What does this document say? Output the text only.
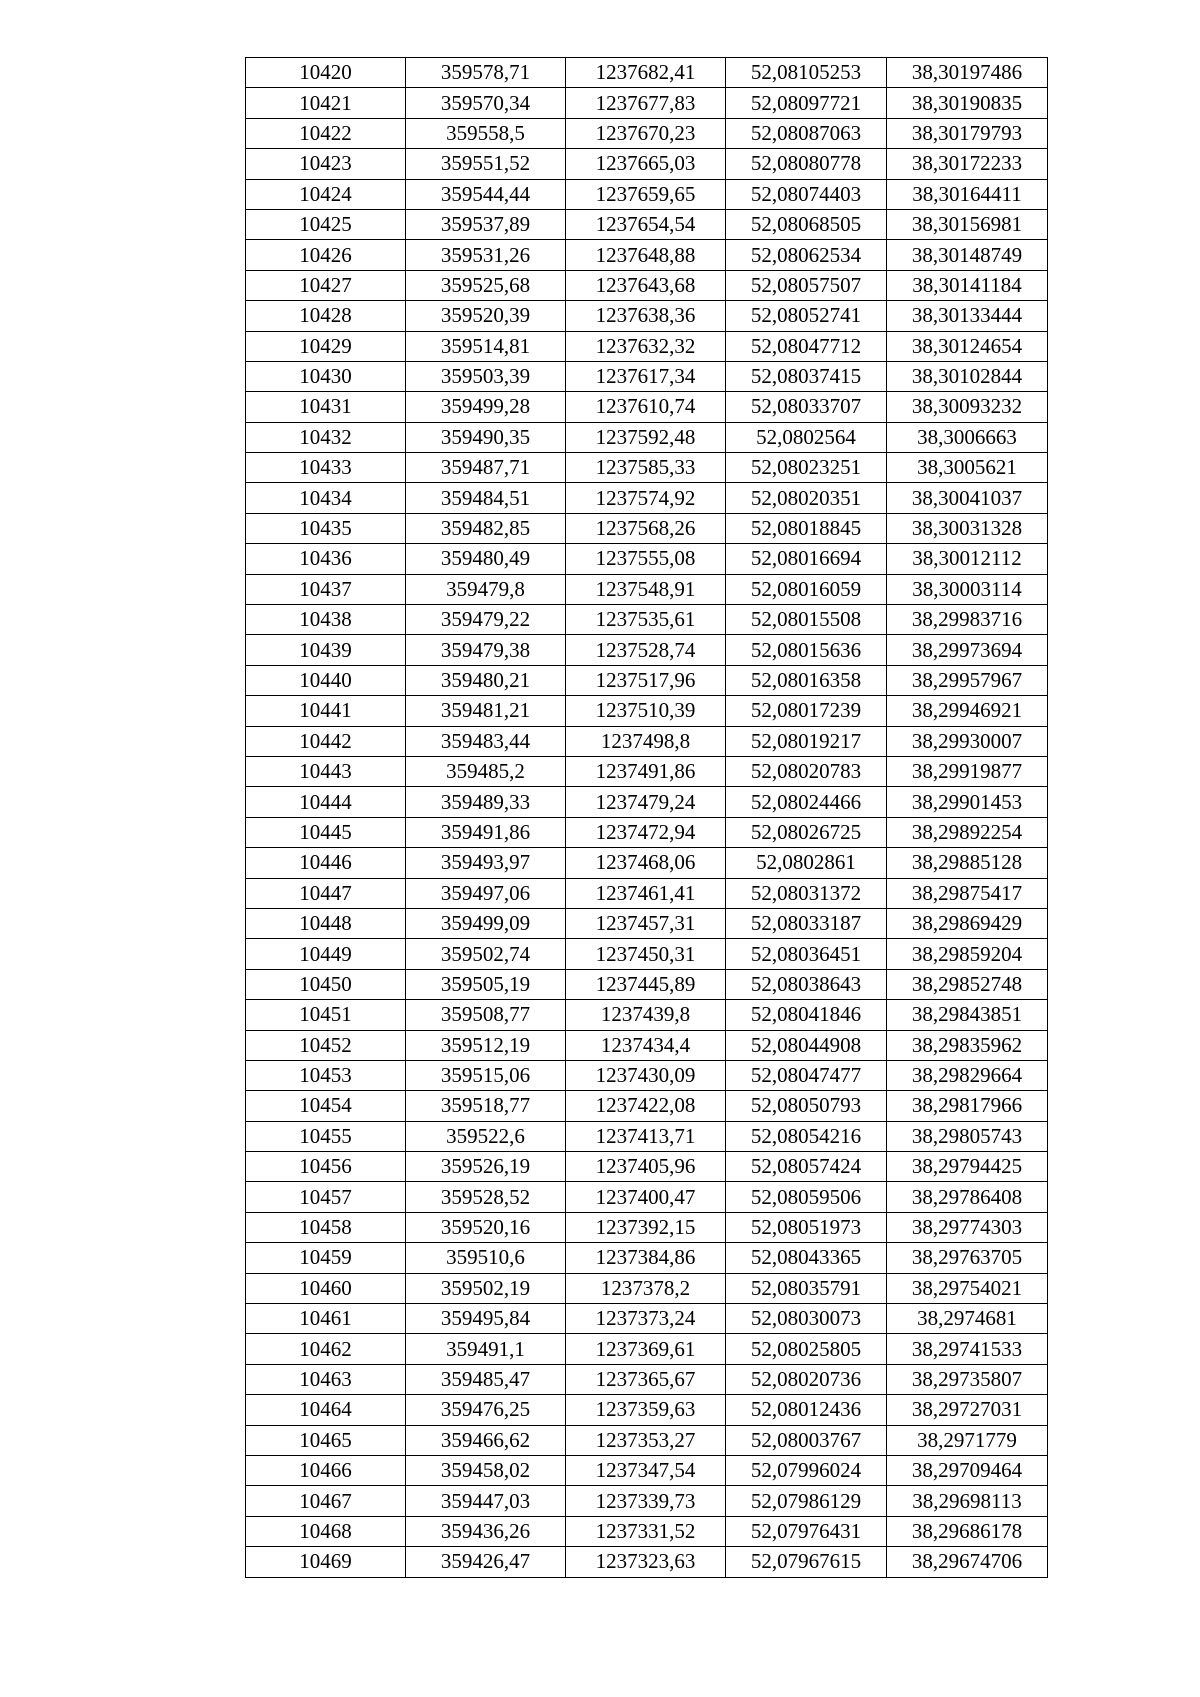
10420	359578,71	1237682,41	52,08105253	38,30197486
10421	359570,34	1237677,83	52,08097721	38,30190835
10422	359558,5	1237670,23	52,08087063	38,30179793
10423	359551,52	1237665,03	52,08080778	38,30172233
10424	359544,44	1237659,65	52,08074403	38,30164411
10425	359537,89	1237654,54	52,08068505	38,30156981
10426	359531,26	1237648,88	52,08062534	38,30148749
10427	359525,68	1237643,68	52,08057507	38,30141184
10428	359520,39	1237638,36	52,08052741	38,30133444
10429	359514,81	1237632,32	52,08047712	38,30124654
10430	359503,39	1237617,34	52,08037415	38,30102844
10431	359499,28	1237610,74	52,08033707	38,30093232
10432	359490,35	1237592,48	52,0802564	38,3006663
10433	359487,71	1237585,33	52,08023251	38,3005621
10434	359484,51	1237574,92	52,08020351	38,30041037
10435	359482,85	1237568,26	52,08018845	38,30031328
10436	359480,49	1237555,08	52,08016694	38,30012112
10437	359479,8	1237548,91	52,08016059	38,30003114
10438	359479,22	1237535,61	52,08015508	38,29983716
10439	359479,38	1237528,74	52,08015636	38,29973694
10440	359480,21	1237517,96	52,08016358	38,29957967
10441	359481,21	1237510,39	52,08017239	38,29946921
10442	359483,44	1237498,8	52,08019217	38,29930007
10443	359485,2	1237491,86	52,08020783	38,29919877
10444	359489,33	1237479,24	52,08024466	38,29901453
10445	359491,86	1237472,94	52,08026725	38,29892254
10446	359493,97	1237468,06	52,0802861	38,29885128
10447	359497,06	1237461,41	52,08031372	38,29875417
10448	359499,09	1237457,31	52,08033187	38,29869429
10449	359502,74	1237450,31	52,08036451	38,29859204
10450	359505,19	1237445,89	52,08038643	38,29852748
10451	359508,77	1237439,8	52,08041846	38,29843851
10452	359512,19	1237434,4	52,08044908	38,29835962
10453	359515,06	1237430,09	52,08047477	38,29829664
10454	359518,77	1237422,08	52,08050793	38,29817966
10455	359522,6	1237413,71	52,08054216	38,29805743
10456	359526,19	1237405,96	52,08057424	38,29794425
10457	359528,52	1237400,47	52,08059506	38,29786408
10458	359520,16	1237392,15	52,08051973	38,29774303
10459	359510,6	1237384,86	52,08043365	38,29763705
10460	359502,19	1237378,2	52,08035791	38,29754021
10461	359495,84	1237373,24	52,08030073	38,2974681
10462	359491,1	1237369,61	52,08025805	38,29741533
10463	359485,47	1237365,67	52,08020736	38,29735807
10464	359476,25	1237359,63	52,08012436	38,29727031
10465	359466,62	1237353,27	52,08003767	38,2971779
10466	359458,02	1237347,54	52,07996024	38,29709464
10467	359447,03	1237339,73	52,07986129	38,29698113
10468	359436,26	1237331,52	52,07976431	38,29686178
10469	359426,47	1237323,63	52,07967615	38,29674706
